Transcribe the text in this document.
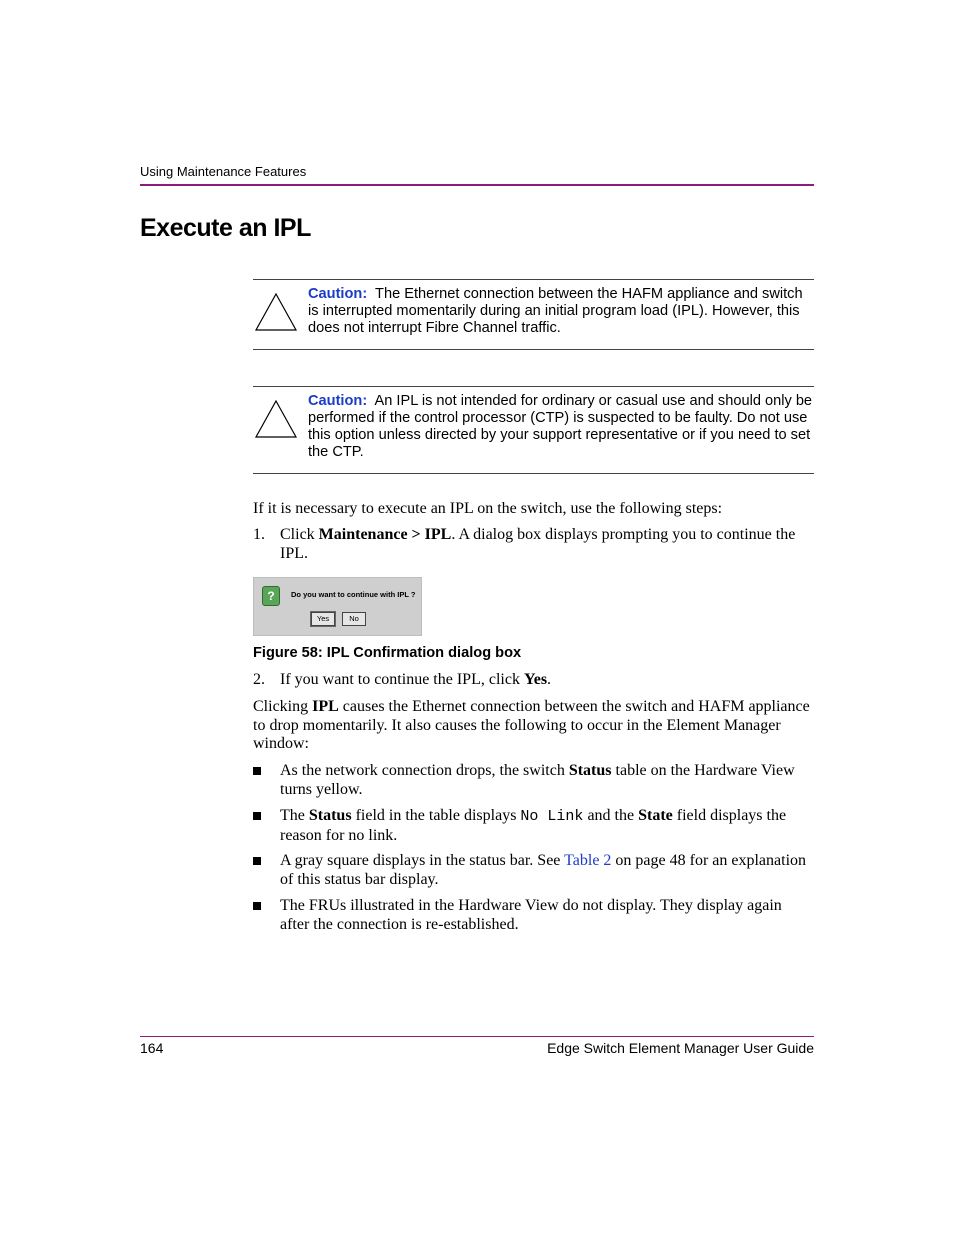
Using Maintenance Features
Execute an IPL
Caution: The Ethernet connection between the HAFM appliance and switch is interrupted momentarily during an initial program load (IPL). However, this does not interrupt Fibre Channel traffic.
Caution: An IPL is not intended for ordinary or casual use and should only be performed if the control processor (CTP) is suspected to be faulty. Do not use this option unless directed by your support representative or if you need to set the CTP.
If it is necessary to execute an IPL on the switch, use the following steps:
1. Click Maintenance > IPL. A dialog box displays prompting you to continue the IPL.
?	Do you want to continue with IPL ?
Yes	No
Figure 58: IPL Confirmation dialog box
2. If you want to continue the IPL, click Yes.
Clicking IPL causes the Ethernet connection between the switch and HAFM appliance to drop momentarily. It also causes the following to occur in the Element Manager window:
As the network connection drops, the switch Status table on the Hardware View turns yellow.
The Status field in the table displays No Link and the State field displays the reason for no link.
A gray square displays in the status bar. See Table 2 on page 48 for an explanation of this status bar display.
The FRUs illustrated in the Hardware View do not display. They display again after the connection is re-established.
164	Edge Switch Element Manager User Guide
